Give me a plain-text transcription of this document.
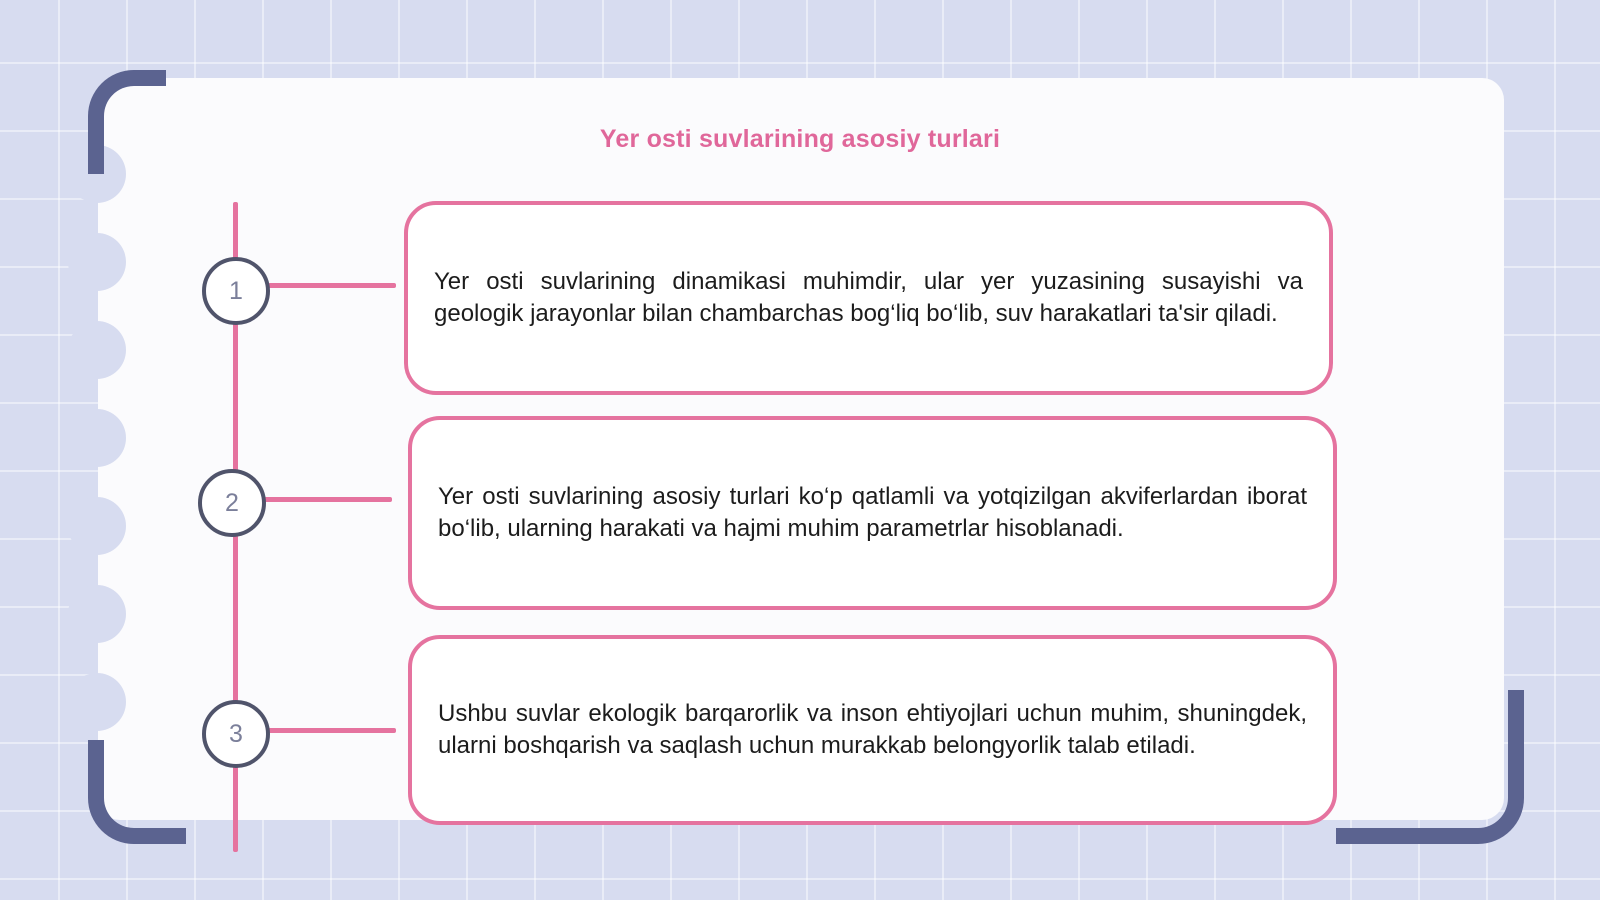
Yer osti suvlarining asosiy turlari
1
2
3
Yer osti suvlarining dinamikasi muhimdir, ular yer yuzasining susayishi va geologik jarayonlar bilan chambarchas bog‘liq bo‘lib, suv harakatlari ta'sir qiladi.
Yer osti suvlarining asosiy turlari ko‘p qatlamli va yotqizilgan akviferlardan iborat bo‘lib, ularning harakati va hajmi muhim parametrlar hisoblanadi.
Ushbu suvlar ekologik barqarorlik va inson ehtiyojlari uchun muhim, shuningdek, ularni boshqarish va saqlash uchun murakkab belongyorlik talab etiladi.
